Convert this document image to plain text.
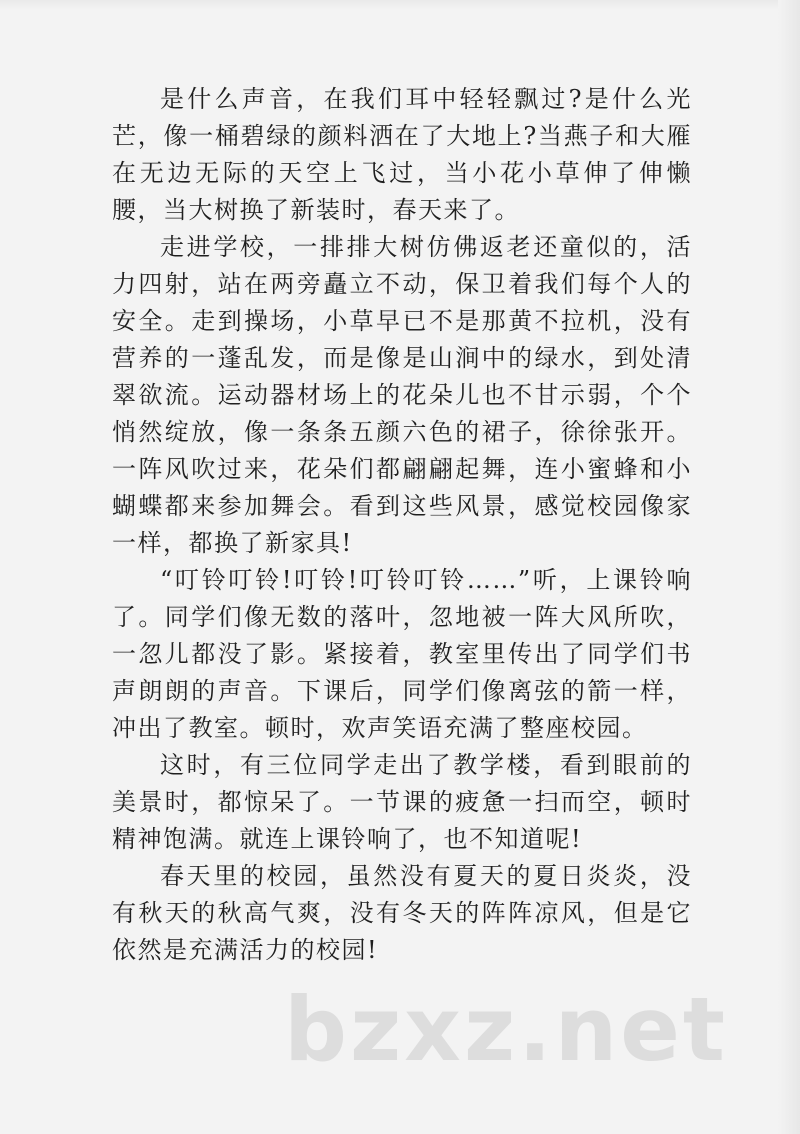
是什么声音，在我们耳中轻轻飘过?是什么光芒，像一桶碧绿的颜料洒在了大地上?当燕子和大雁在无边无际的天空上飞过，当小花小草伸了伸懒腰，当大树换了新装时，春天来了。

走进学校，一排排大树仿佛返老还童似的，活力四射，站在两旁矗立不动，保卫着我们每个人的安全。走到操场，小草早已不是那黄不拉机，没有营养的一蓬乱发，而是像是山涧中的绿水，到处清翠欲流。运动器材场上的花朵儿也不甘示弱，个个悄然绽放，像一条条五颜六色的裙子，徐徐张开。一阵风吹过来，花朵们都翩翩起舞，连小蜜蜂和小蝴蝶都来参加舞会。看到这些风景，感觉校园像家一样，都换了新家具!

“叮铃叮铃!叮铃!叮铃叮铃……”听，上课铃响了。同学们像无数的落叶，忽地被一阵大风所吹，一忽儿都没了影。紧接着，教室里传出了同学们书声朗朗的声音。下课后，同学们像离弦的箭一样，冲出了教室。顿时，欢声笑语充满了整座校园。

这时，有三位同学走出了教学楼，看到眼前的美景时，都惊呆了。一节课的疲惫一扫而空，顿时精神饱满。就连上课铃响了，也不知道呢!

春天里的校园，虽然没有夏天的夏日炎炎，没有秋天的秋高气爽，没有冬天的阵阵凉风，但是它依然是充满活力的校园!

bzxz.net
